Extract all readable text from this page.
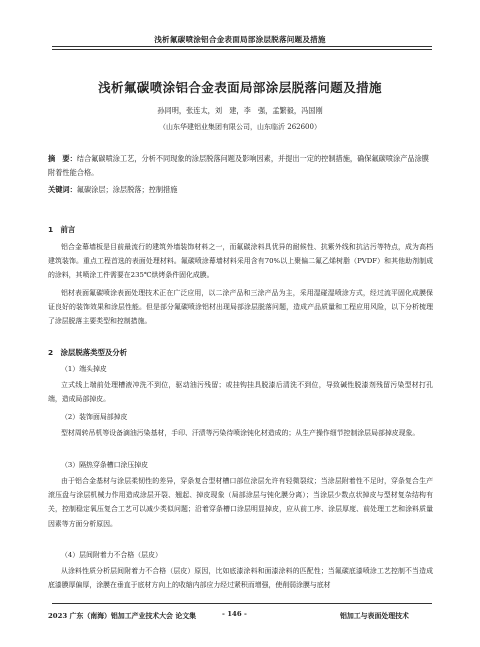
浅析氟碳喷涂铝合金表面局部涂层脱落问题及措施
浅析氟碳喷涂铝合金表面局部涂层脱落问题及措施
孙同明，张连太，刘　建，李　强，孟繁毅，冯国刚
（山东华建铝业集团有限公司，山东临沂 262600）
摘　要：结合氟碳喷涂工艺，分析不同现象的涂层脱落问题及影响因素，并提出一定的控制措施，确保氟碳喷涂产品涂膜附着性能合格。
关键词：氟碳涂层；涂层脱落；控制措施
1　前言
铝合金幕墙板是目前最流行的建筑外墙装饰材料之一，而氟碳涂料具优异的耐候性、抗紫外线和抗沾污等特点，成为高档建筑装饰。重点工程首选的表面处理材料。氟碳喷涂幕墙材料采用含有70%以上聚偏二氟乙烯树脂（PVDF）和其他助剂制成的涂料，其喷涂工件需要在235℃烘烤条件固化成膜。
铝材表面氟碳喷涂表面处理技术正在广泛应用，以二涂产品和三涂产品为主，采用湿碰湿喷涂方式，经过流平固化成膜保证良好的装饰效果和涂层性能。但是部分氟碳喷涂铝材出现局部涂层脱落问题，造成产品质量和工程应用风险，以下分析梳理了涂层脱落主要类型和控制措施。
2　涂层脱落类型及分析
（1）端头掉皮
立式线上端前处理槽液冲洗不到位，驱动油污残留；或挂钩挂具脱漆后清洗不到位，导致碱性脱漆剂残留污染型材打孔端，造成局部掉皮。
（2）装饰面局部掉皮
型材周转吊机等设备滴油污染基材，手印、汗渍等污染待喷涂钝化材造成的；从生产操作细节控制涂层局部掉皮现象。
（3）隔热穿条槽口涂压掉皮
由于铝合金基材与涂层柔韧性的差异，穿条复合型材槽口部位涂层允许有轻微裂纹；当涂层附着性不足时，穿条复合生产滚压盘与涂层机械力作用造成涂层开裂、翘起、掉皮现象（局部涂层与钝化膜分离）；当涂层少数点状掉皮与型材复杂结构有关，控制稳定氧压复合工艺可以减少类似问题；沿着穿条槽口涂层明显掉皮，应从前工序、涂层厚度、前处理工艺和涂料质量因素等方面分析原因。
（4）层间附着力不合格（层皮）
从涂料性质分析层间附着力不合格（层皮）原因，比如底漆涂料和面漆涂料的匹配性；当氟碳底漆喷涂工艺控制不当造成底漆膜厚偏厚，涂膜在垂直于底材方向上的收缩内部应力经过紧积而增强，使削弱涂膜与底材
2023 广东（南海）铝加工产业技术大会 论文集	- 146 -	铝加工与表面处理技术
